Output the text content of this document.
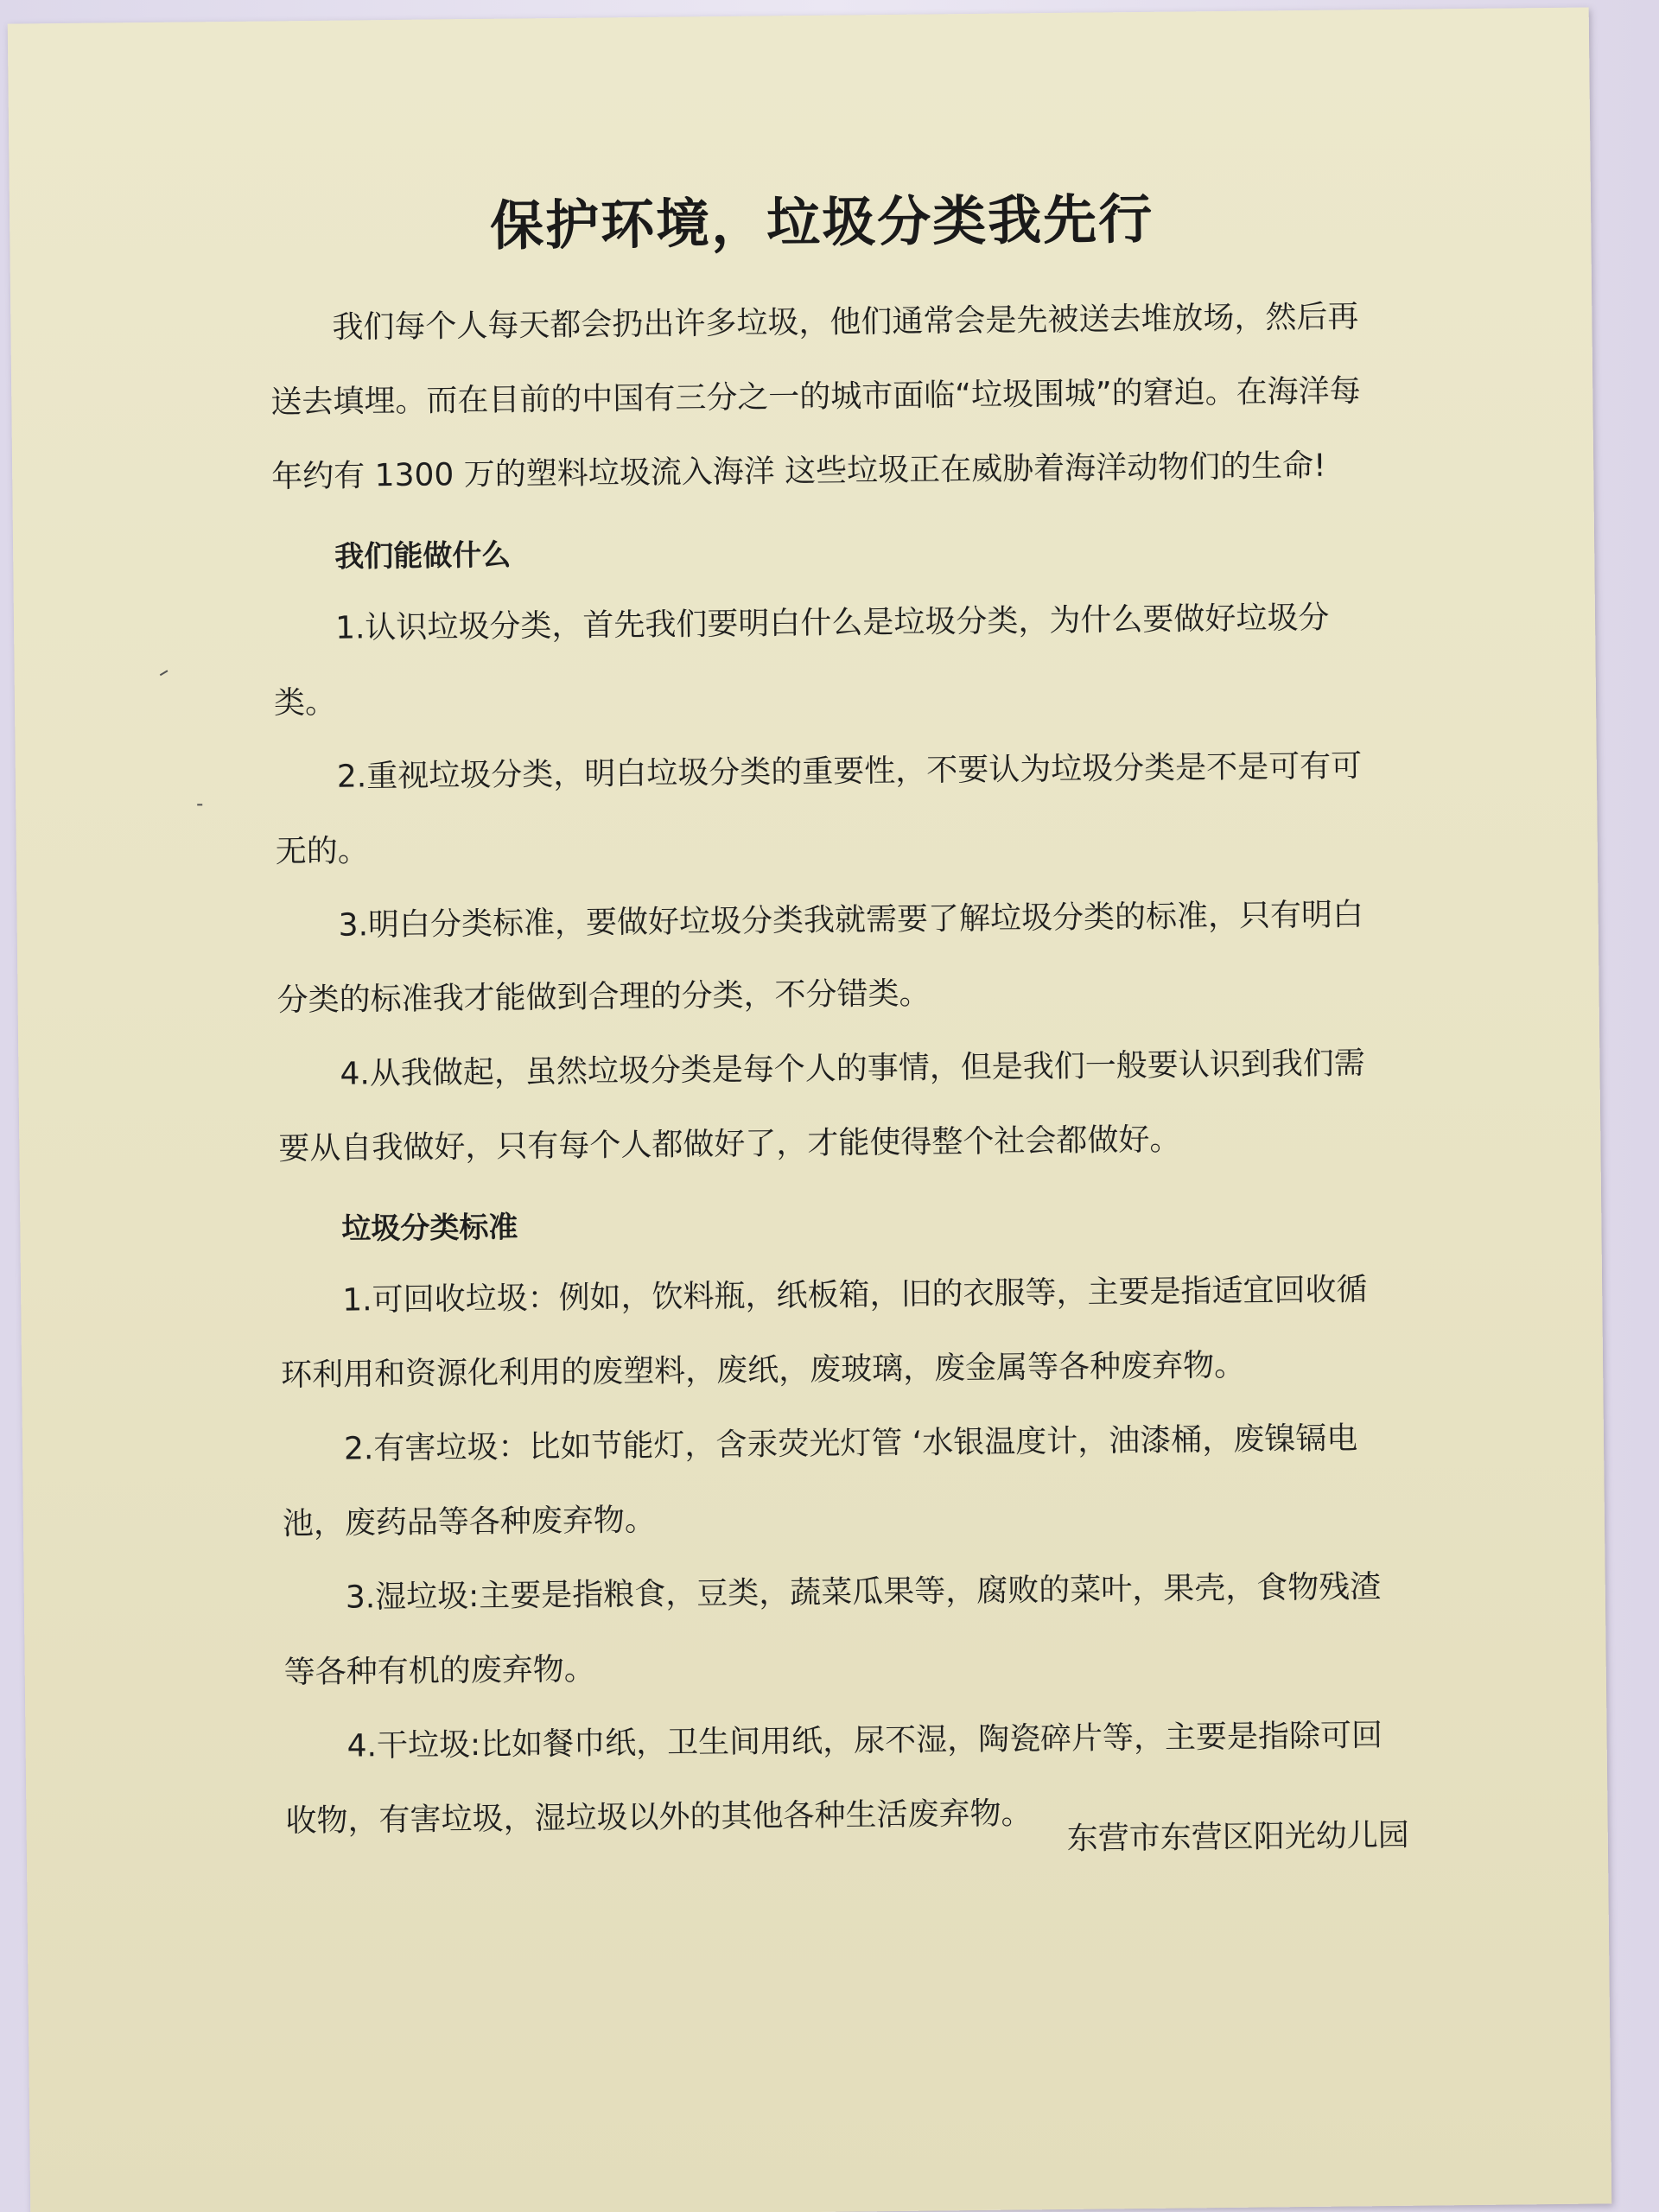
保护环境，垃圾分类我先行

我们每个人每天都会扔出许多垃圾，他们通常会是先被送去堆放场，然后再送去填埋。而在目前的中国有三分之一的城市面临“垃圾围城”的窘迫。在海洋每年约有 1300 万的塑料垃圾流入海洋 这些垃圾正在威胁着海洋动物们的生命!

我们能做什么

1.认识垃圾分类，首先我们要明白什么是垃圾分类，为什么要做好垃圾分类。

2.重视垃圾分类，明白垃圾分类的重要性，不要认为垃圾分类是不是可有可无的。

3.明白分类标准，要做好垃圾分类我就需要了解垃圾分类的标准，只有明白分类的标准我才能做到合理的分类，不分错类。

4.从我做起，虽然垃圾分类是每个人的事情，但是我们一般要认识到我们需要从自我做好，只有每个人都做好了，才能使得整个社会都做好。

垃圾分类标准

1.可回收垃圾：例如，饮料瓶，纸板箱，旧的衣服等，主要是指适宜回收循环利用和资源化利用的废塑料，废纸，废玻璃，废金属等各种废弃物。

2.有害垃圾：比如节能灯，含汞荧光灯管 ‘水银温度计，油漆桶，废镍镉电池，废药品等各种废弃物。

3.湿垃圾:主要是指粮食，豆类，蔬菜瓜果等，腐败的菜叶，果壳，食物残渣等各种有机的废弃物。

4.干垃圾:比如餐巾纸，卫生间用纸，尿不湿，陶瓷碎片等，主要是指除可回收物，有害垃圾，湿垃圾以外的其他各种生活废弃物。	东营市东营区阳光幼儿园
